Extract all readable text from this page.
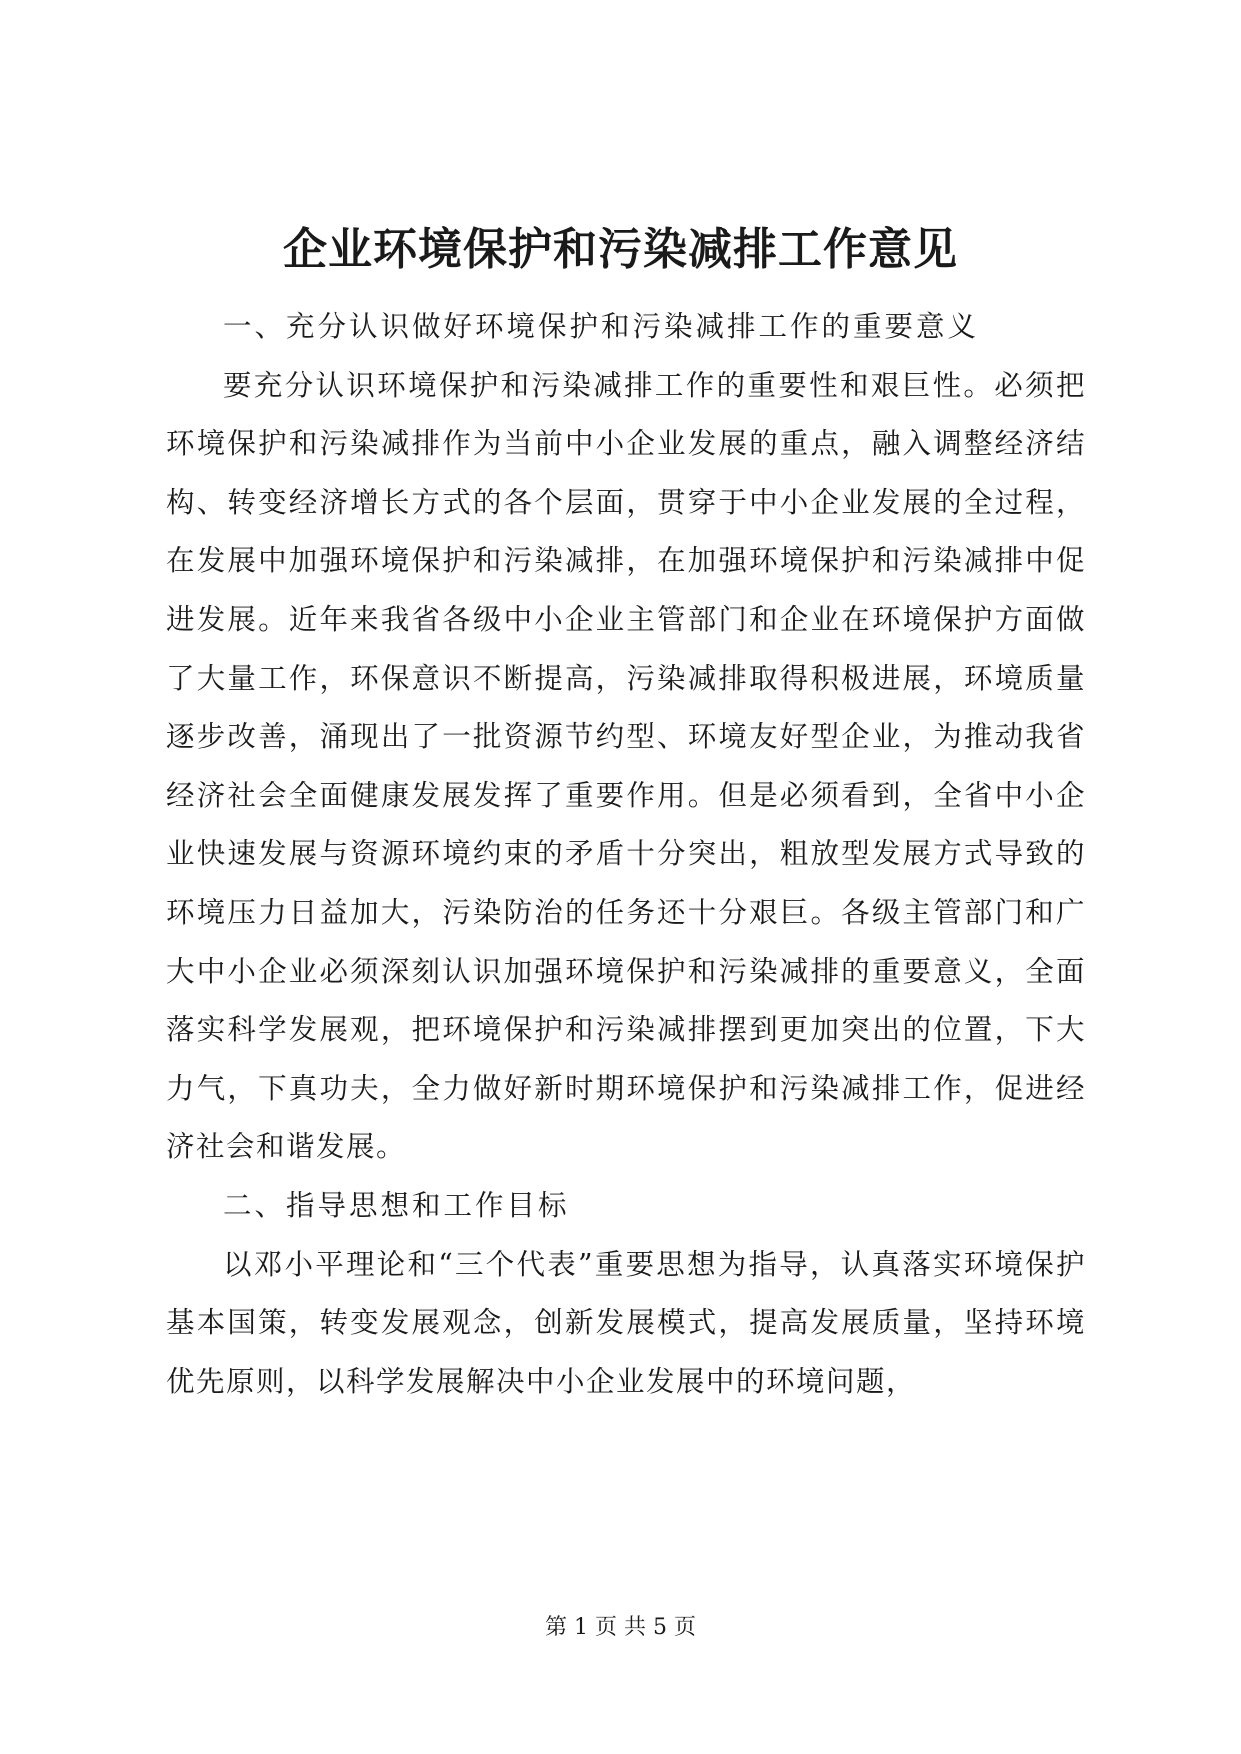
企业环境保护和污染减排工作意见

一、充分认识做好环境保护和污染减排工作的重要意义

要充分认识环境保护和污染减排工作的重要性和艰巨性。必须把环境保护和污染减排作为当前中小企业发展的重点，融入调整经济结构、转变经济增长方式的各个层面，贯穿于中小企业发展的全过程，在发展中加强环境保护和污染减排，在加强环境保护和污染减排中促进发展。近年来我省各级中小企业主管部门和企业在环境保护方面做了大量工作，环保意识不断提高，污染减排取得积极进展，环境质量逐步改善，涌现出了一批资源节约型、环境友好型企业，为推动我省经济社会全面健康发展发挥了重要作用。但是必须看到，全省中小企业快速发展与资源环境约束的矛盾十分突出，粗放型发展方式导致的环境压力日益加大，污染防治的任务还十分艰巨。各级主管部门和广大中小企业必须深刻认识加强环境保护和污染减排的重要意义，全面落实科学发展观，把环境保护和污染减排摆到更加突出的位置，下大力气，下真功夫，全力做好新时期环境保护和污染减排工作，促进经济社会和谐发展。

二、指导思想和工作目标

以邓小平理论和“三个代表”重要思想为指导，认真落实环境保护基本国策，转变发展观念，创新发展模式，提高发展质量，坚持环境优先原则，以科学发展解决中小企业发展中的环境问题，

第 1 页 共 5 页
